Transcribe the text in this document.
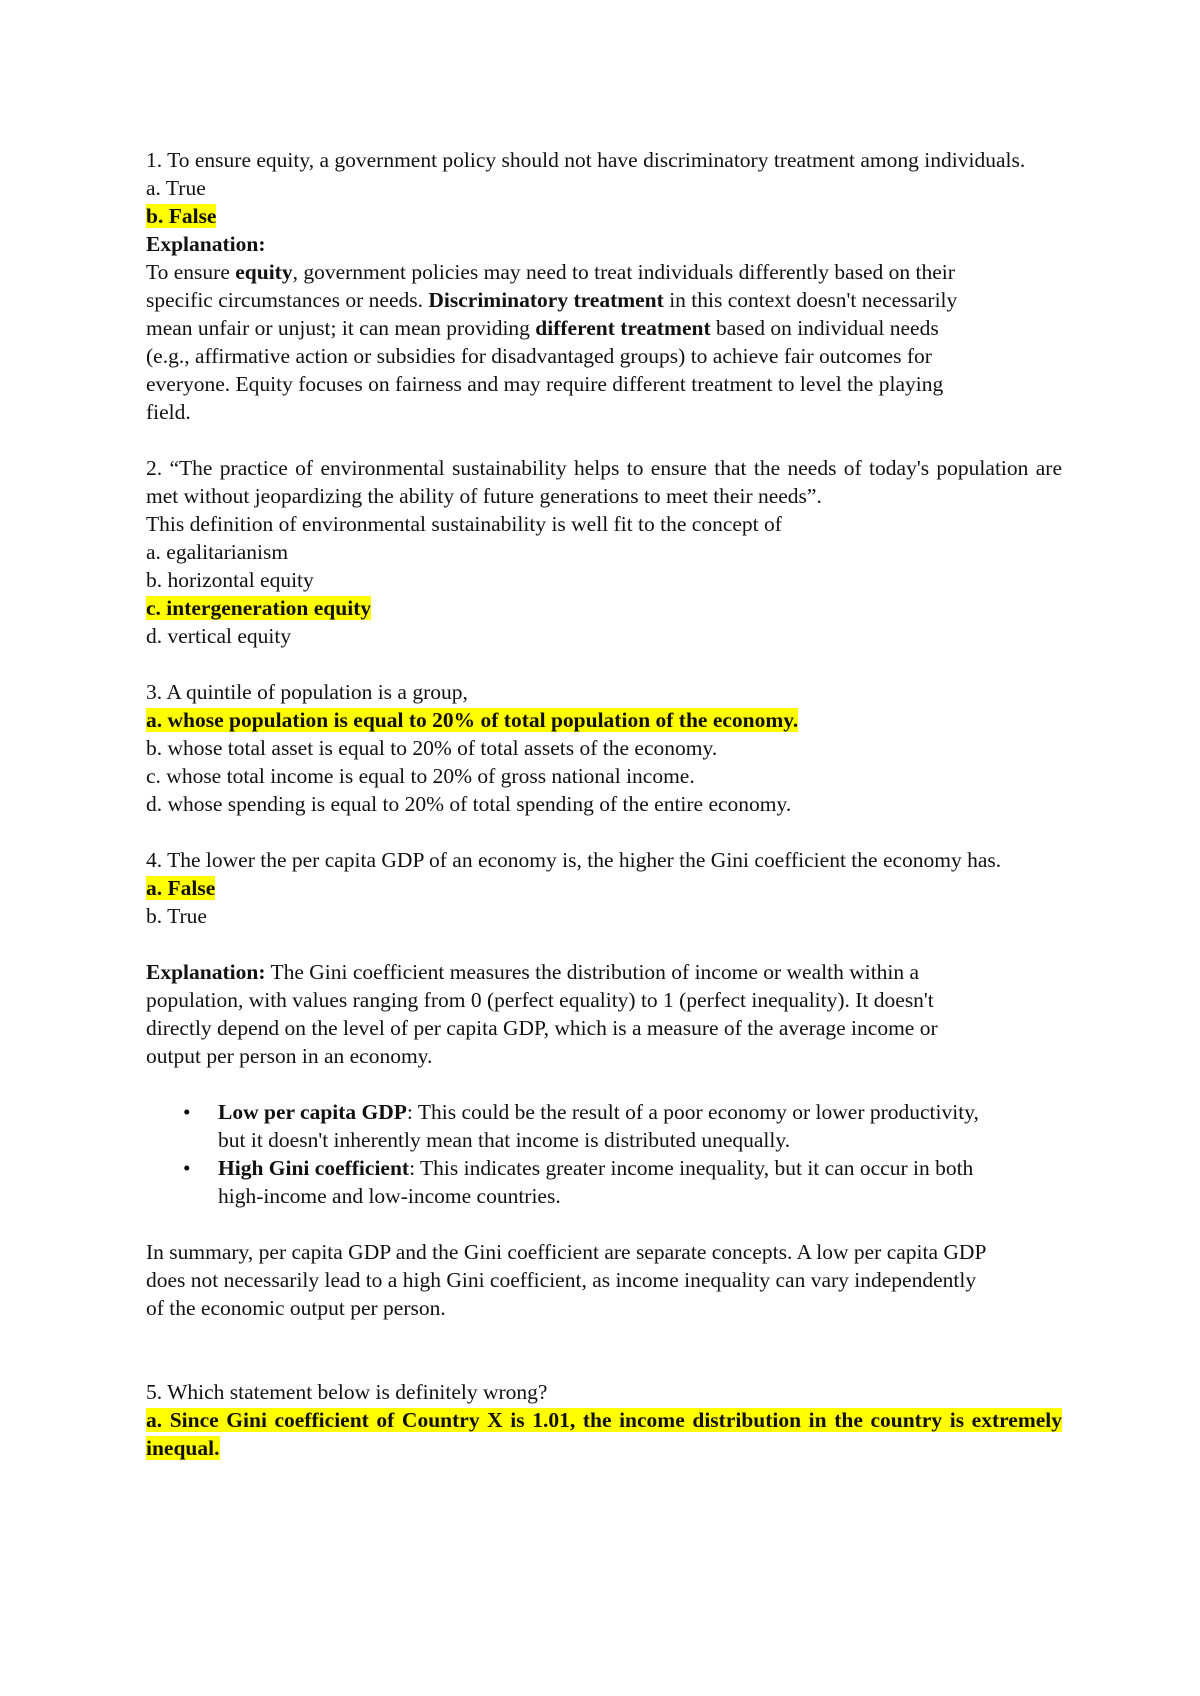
1. To ensure equity, a government policy should not have discriminatory treatment among individuals.

a. True

b. False

Explanation:

To ensure equity, government policies may need to treat individuals differently based on their specific circumstances or needs. Discriminatory treatment in this context doesn't necessarily mean unfair or unjust; it can mean providing different treatment based on individual needs (e.g., affirmative action or subsidies for disadvantaged groups) to achieve fair outcomes for everyone. Equity focuses on fairness and may require different treatment to level the playing field.

2. “The practice of environmental sustainability helps to ensure that the needs of today's population are met without jeopardizing the ability of future generations to meet their needs”.

This definition of environmental sustainability is well fit to the concept of

a. egalitarianism

b. horizontal equity

c. intergeneration equity

d. vertical equity

3. A quintile of population is a group,

a. whose population is equal to 20% of total population of the economy.

b. whose total asset is equal to 20% of total assets of the economy.

c. whose total income is equal to 20% of gross national income.

d. whose spending is equal to 20% of total spending of the entire economy.

4. The lower the per capita GDP of an economy is, the higher the Gini coefficient the economy has.

a. False

b. True

Explanation: The Gini coefficient measures the distribution of income or wealth within a population, with values ranging from 0 (perfect equality) to 1 (perfect inequality). It doesn't directly depend on the level of per capita GDP, which is a measure of the average income or output per person in an economy.

• Low per capita GDP: This could be the result of a poor economy or lower productivity, but it doesn't inherently mean that income is distributed unequally.
• High Gini coefficient: This indicates greater income inequality, but it can occur in both high-income and low-income countries.

In summary, per capita GDP and the Gini coefficient are separate concepts. A low per capita GDP does not necessarily lead to a high Gini coefficient, as income inequality can vary independently of the economic output per person.

5. Which statement below is definitely wrong?

a. Since Gini coefficient of Country X is 1.01, the income distribution in the country is extremely inequal.
